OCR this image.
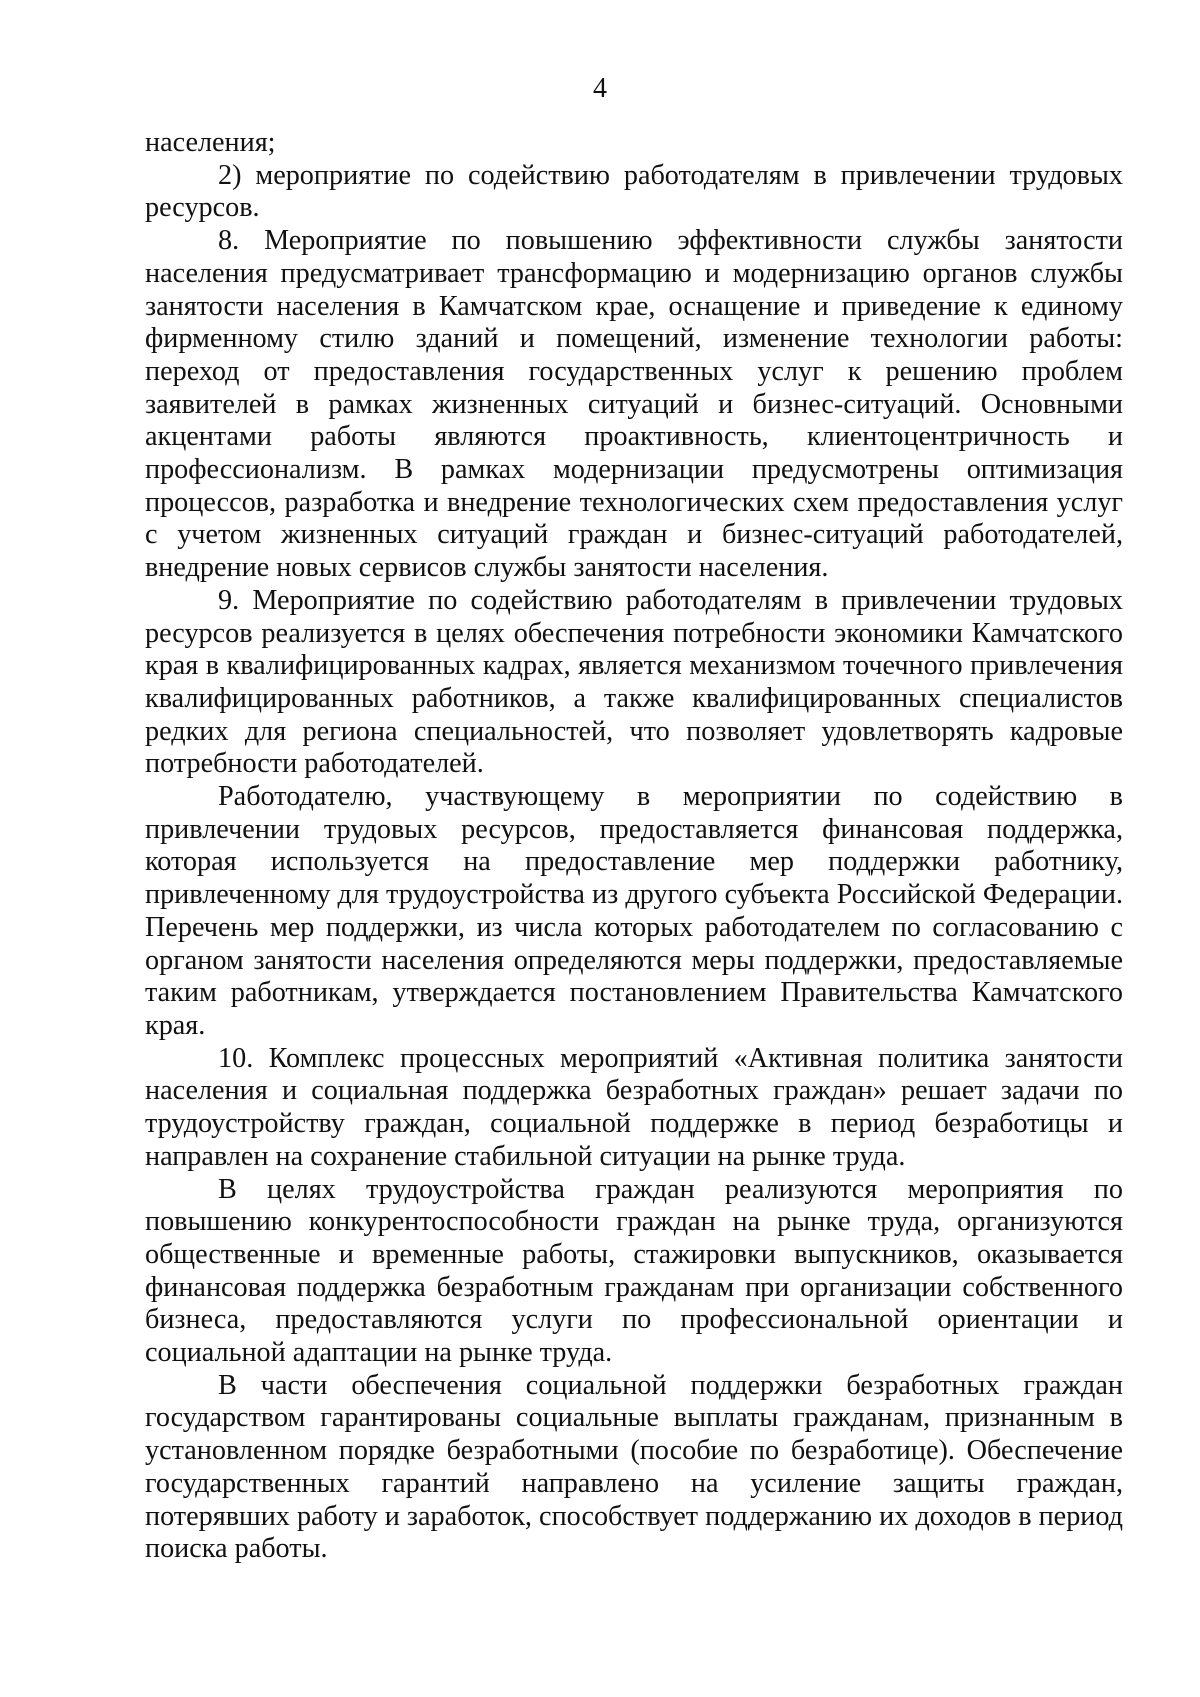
4

населения;

2) мероприятие по содействию работодателям в привлечении трудовых ресурсов.

8. Мероприятие по повышению эффективности службы занятости населения предусматривает трансформацию и модернизацию органов службы занятости населения в Камчатском крае, оснащение и приведение к единому фирменному стилю зданий и помещений, изменение технологии работы: переход от предоставления государственных услуг к решению проблем заявителей в рамках жизненных ситуаций и бизнес-ситуаций. Основными акцентами работы являются проактивность, клиентоцентричность и профессионализм. В рамках модернизации предусмотрены оптимизация процессов, разработка и внедрение технологических схем предоставления услуг с учетом жизненных ситуаций граждан и бизнес-ситуаций работодателей, внедрение новых сервисов службы занятости населения.

9. Мероприятие по содействию работодателям в привлечении трудовых ресурсов реализуется в целях обеспечения потребности экономики Камчатского края в квалифицированных кадрах, является механизмом точечного привлечения квалифицированных работников, а также квалифицированных специалистов редких для региона специальностей, что позволяет удовлетворять кадровые потребности работодателей.

Работодателю, участвующему в мероприятии по содействию в привлечении трудовых ресурсов, предоставляется финансовая поддержка, которая используется на предоставление мер поддержки работнику, привлеченному для трудоустройства из другого субъекта Российской Федерации. Перечень мер поддержки, из числа которых работодателем по согласованию с органом занятости населения определяются меры поддержки, предоставляемые таким работникам, утверждается постановлением Правительства Камчатского края.

10. Комплекс процессных мероприятий «Активная политика занятости населения и социальная поддержка безработных граждан» решает задачи по трудоустройству граждан, социальной поддержке в период безработицы и направлен на сохранение стабильной ситуации на рынке труда.

В целях трудоустройства граждан реализуются мероприятия по повышению конкурентоспособности граждан на рынке труда, организуются общественные и временные работы, стажировки выпускников, оказывается финансовая поддержка безработным гражданам при организации собственного бизнеса, предоставляются услуги по профессиональной ориентации и социальной адаптации на рынке труда.

В части обеспечения социальной поддержки безработных граждан государством гарантированы социальные выплаты гражданам, признанным в установленном порядке безработными (пособие по безработице). Обеспечение государственных гарантий направлено на усиление защиты граждан, потерявших работу и заработок, способствует поддержанию их доходов в период поиска работы.
